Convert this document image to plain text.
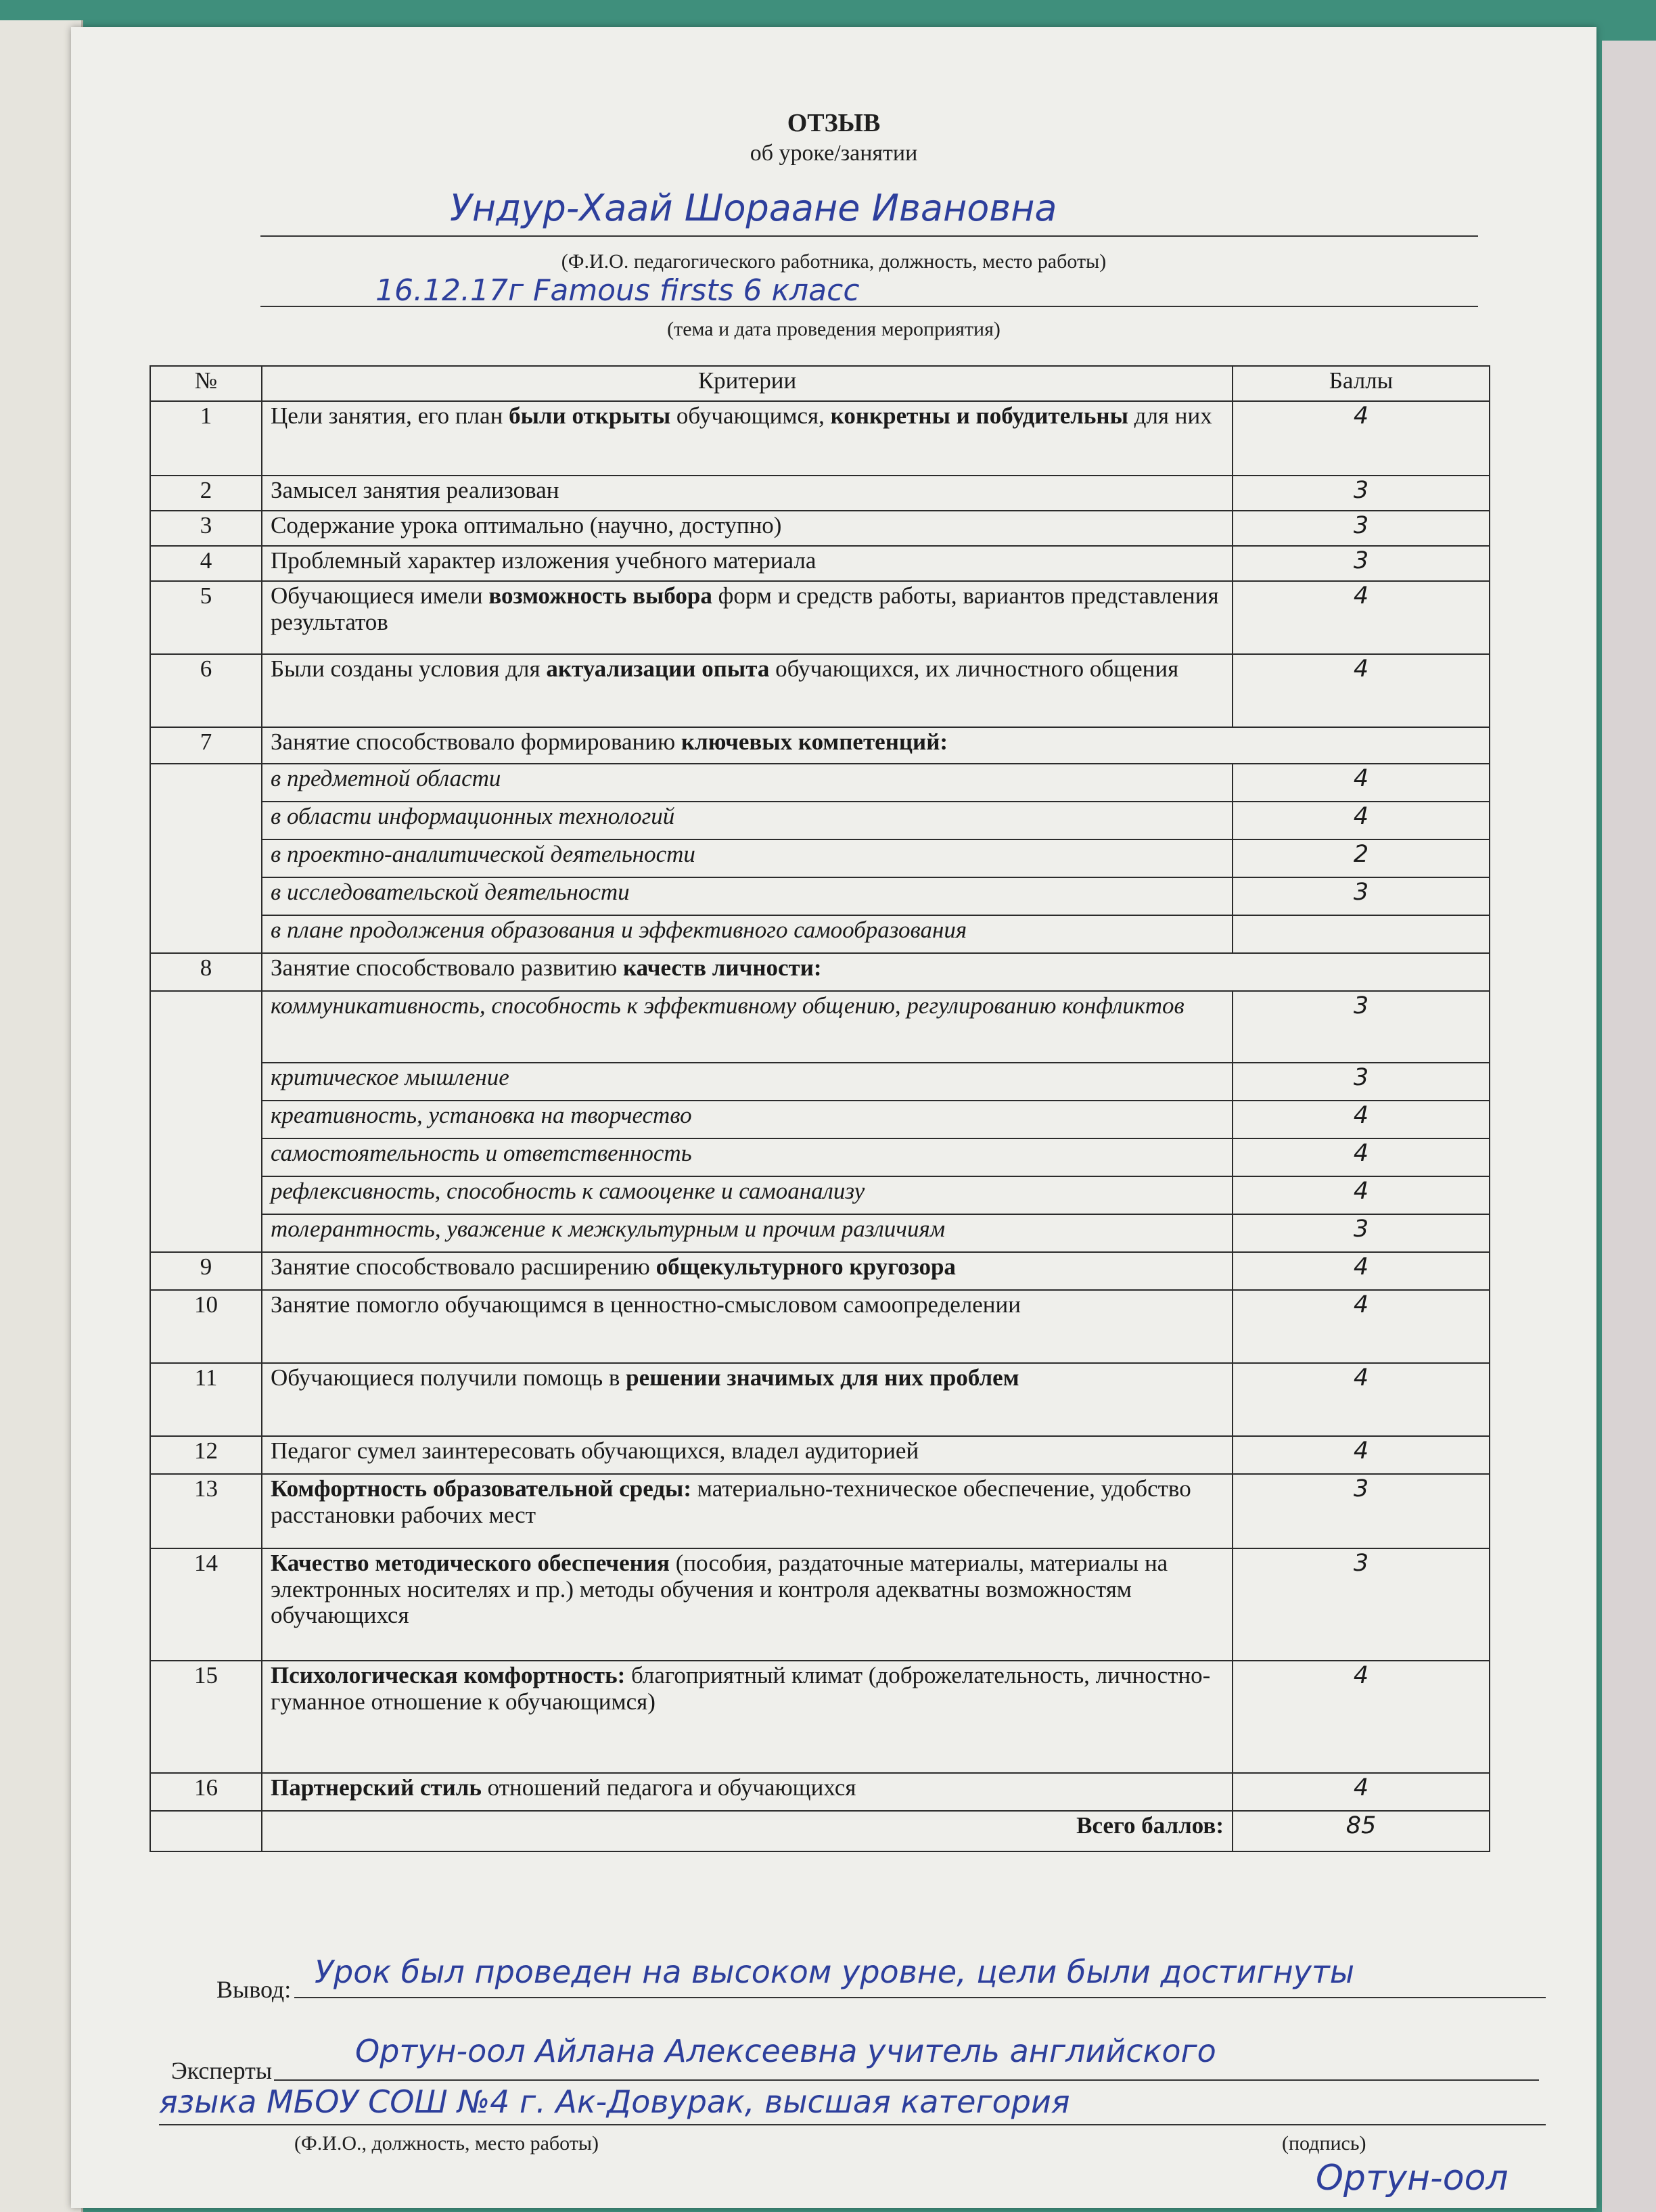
ОТЗЫВ
об уроке/занятии
Ундур-Хаай Шораане Ивановна
(Ф.И.О. педагогического работника, должность, место работы)
16.12.17г Famous firsts 6 класс
(тема и дата проведения мероприятия)
№	Критерии	Баллы
1	Цели занятия, его план были открыты обучающимся, конкретны и побудительны для них	4
2	Замысел занятия реализован	3
3	Содержание урока оптимально (научно, доступно)	3
4	Проблемный характер изложения учебного материала	3
5	Обучающиеся имели возможность выбора форм и средств работы, вариантов представления результатов	4
6	Были созданы условия для актуализации опыта обучающихся, их личностного общения	4
7	Занятие способствовало формированию ключевых компетенций:	
	в предметной области	4
	в области информационных технологий	4
	в проектно-аналитической деятельности	2
	в исследовательской деятельности	3
	в плане продолжения образования и эффективного самообразования	
8	Занятие способствовало развитию качеств личности:	
	коммуникативность, способность к эффективному общению, регулированию конфликтов	3
	критическое мышление	3
	креативность, установка на творчество	4
	самостоятельность и ответственность	4
	рефлексивность, способность к самооценке и самоанализу	4
	толерантность, уважение к межкультурным и прочим различиям	3
9	Занятие способствовало расширению общекультурного кругозора	4
10	Занятие помогло обучающимся в ценностно-смысловом самоопределении	4
11	Обучающиеся получили помощь в решении значимых для них проблем	4
12	Педагог сумел заинтересовать обучающихся, владел аудиторией	4
13	Комфортность образовательной среды: материально-техническое обеспечение, удобство расстановки рабочих мест	3
14	Качество методического обеспечения (пособия, раздаточные материалы, материалы на электронных носителях и пр.) методы обучения и контроля адекватны возможностям обучающихся	3
15	Психологическая комфортность: благоприятный климат (доброжелательность, личностно-гуманное отношение к обучающимся)	4
16	Партнерский стиль отношений педагога и обучающихся	4
	Всего баллов:	85
Вывод: Урок был проведен на высоком уровне, цели были достигнуты
Эксперты
Ортун-оол Айлана Алексеевна учитель английского
языка МБОУ СОШ №4 г. Ак-Довурак, высшая категория
(Ф.И.О., должность, место работы)	(подпись)
Ортун-оол
